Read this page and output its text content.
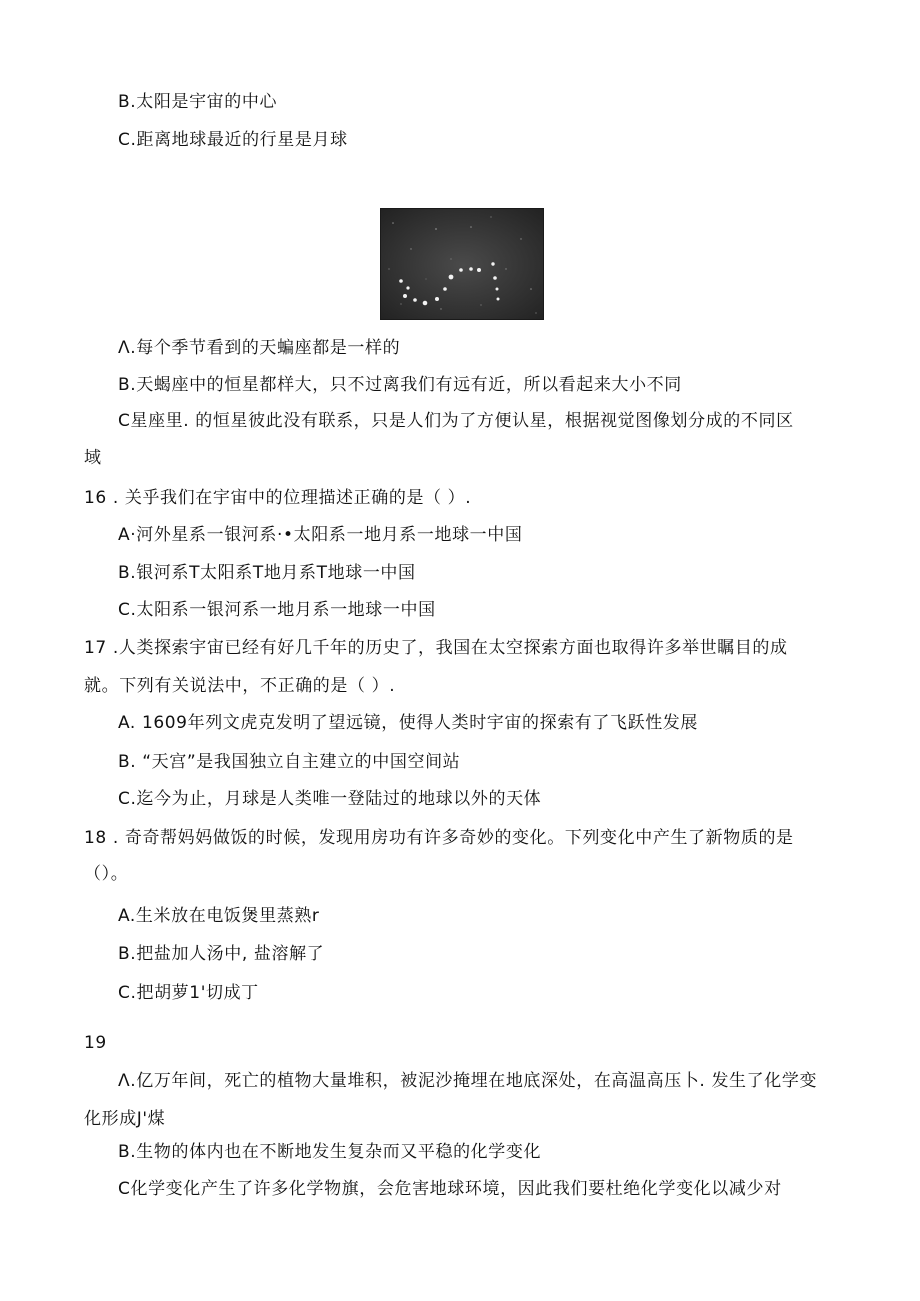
B.太阳是宇宙的中心
C.距离地球最近的行星是月球
Λ.每个季节看到的天蝙座都是一样的
B.天蝎座中的恒星都样大，只不过离我们有远有近，所以看起来大小不同
C星座里. 的恒星彼此没有联系，只是人们为了方便认星，根据视觉图像划分成的不同区
域
16 . 关乎我们在宇宙中的位理描述正确的是（ ）.
A·河外星系一银河系·•太阳系一地月系一地球一中国
B.银河系T太阳系T地月系T地球一中国
C.太阳系一银河系一地月系一地球一中国
17 .人类探索宇宙已经有好几千年的历史了，我国在太空探索方面也取得许多举世瞩目的成
就。下列有关说法中，不正确的是（ ）.
A. 1609年列文虎克发明了望远镜，使得人类时宇宙的探索有了飞跃性发展
B. “天宫”是我国独立自主建立的中国空间站
C.迄今为止，月球是人类唯一登陆过的地球以外的天体
18 . 奇奇帮妈妈做饭的时候，发现用房功有许多奇妙的变化。下列变化中产生了新物质的是
（）。
A.生米放在电饭煲里蒸熟r
B.把盐加人汤中, 盐溶解了
C.把胡萝1'切成丁
19
Λ.亿万年间，死亡的植物大量堆积，被泥沙掩埋在地底深处，在高温高压卜. 发生了化学变
化形成J'煤
B.生物的体内也在不断地发生复杂而又平稳的化学变化
C化学变化产生了许多化学物旗，会危害地球环境，因此我们要杜绝化学变化以减少对
